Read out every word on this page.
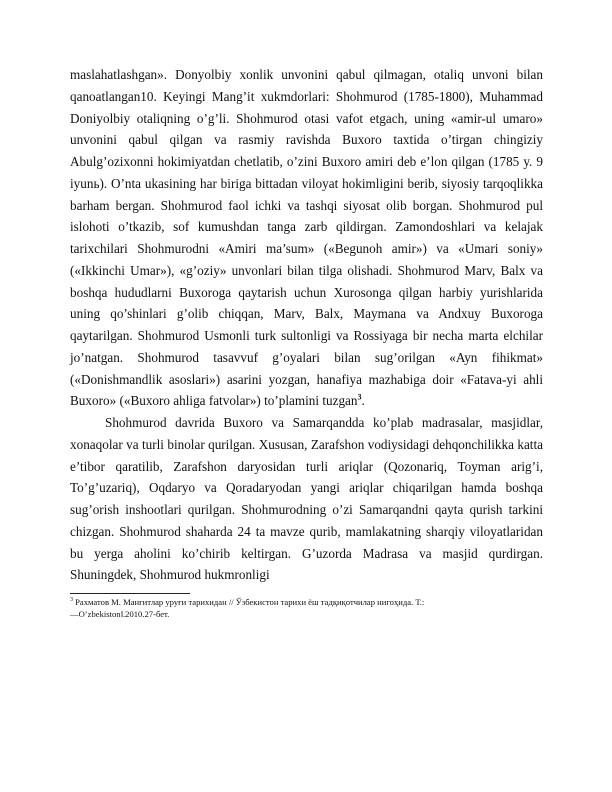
maslahatlashgan». Donyolbiy xonlik unvonini qabul qilmagan, otaliq unvoni bilan qanoatlangan10. Keyingi Mang’it xukmdorlari: Shohmurod (1785-1800), Muhammad Doniyolbiy otaliqning o’g’li. Shohmurod otasi vafot etgach, uning «amir-ul umaro» unvonini qabul qilgan va rasmiy ravishda Buxoro taxtida o’tirgan chingiziy Abulg’ozixonni hokimiyatdan chetlatib, o’zini Buxoro amiri deb e’lon qilgan (1785 y. 9 iyunь). O’nta ukasining har biriga bittadan viloyat hokimligini berib, siyosiy tarqoqlikka barham bergan. Shohmurod faol ichki va tashqi siyosat olib borgan. Shohmurod pul islohoti o’tkazib, sof kumushdan tanga zarb qildirgan. Zamondoshlari va kelajak tarixchilari Shohmurodni «Amiri ma’sum» («Begunoh amir») va «Umari soniy» («Ikkinchi Umar»), «g’oziy» unvonlari bilan tilga olishadi. Shohmurod Marv, Balx va boshqa hududlarni Buxoroga qaytarish uchun Xurosonga qilgan harbiy yurishlarida uning qo’shinlari g’olib chiqqan, Marv, Balx, Maymana va Andxuy Buxoroga qaytarilgan. Shohmurod Usmonli turk sultonligi va Rossiyaga bir necha marta elchilar jo’natgan. Shohmurod tasavvuf g’oyalari bilan sug’orilgan «Ayn fihikmat» («Donishmandlik asoslari») asarini yozgan, hanafiya mazhabiga doir «Fatava-yi ahli Buxoro» («Buxoro ahliga fatvolar») to’plamini tuzgan$^3$.

Shohmurod davrida Buxoro va Samarqandda ko’plab madrasalar, masjidlar, xonaqolar va turli binolar qurilgan. Xususan, Zarafshon vodiysidagi dehqonchilikka katta e’tibor qaratilib, Zarafshon daryosidan turli ariqlar (Qozonariq, Toyman arig’i, To’g’uzariq), Oqdaryo va Qoradaryodan yangi ariqlar chiqarilgan hamda boshqa sug’orish inshootlari qurilgan. Shohmurodning o’zi Samarqandni qayta qurish tarkini chizgan. Shohmurod shaharda 24 ta mavze qurib, mamlakatning sharqiy viloyatlaridan bu yerga aholini ko’chirib keltirgan. G’uzorda Madrasa va masjid qurdirgan. Shuningdek, Shohmurod hukmronligi

$^3$ Рахматов М. Манғитлар уруғи тарихидан // Ўзбекистон тарихи ёш тадқиқотчилар нигоҳида. Т.:
―O’zbekiston‖.2010.27-бет.
